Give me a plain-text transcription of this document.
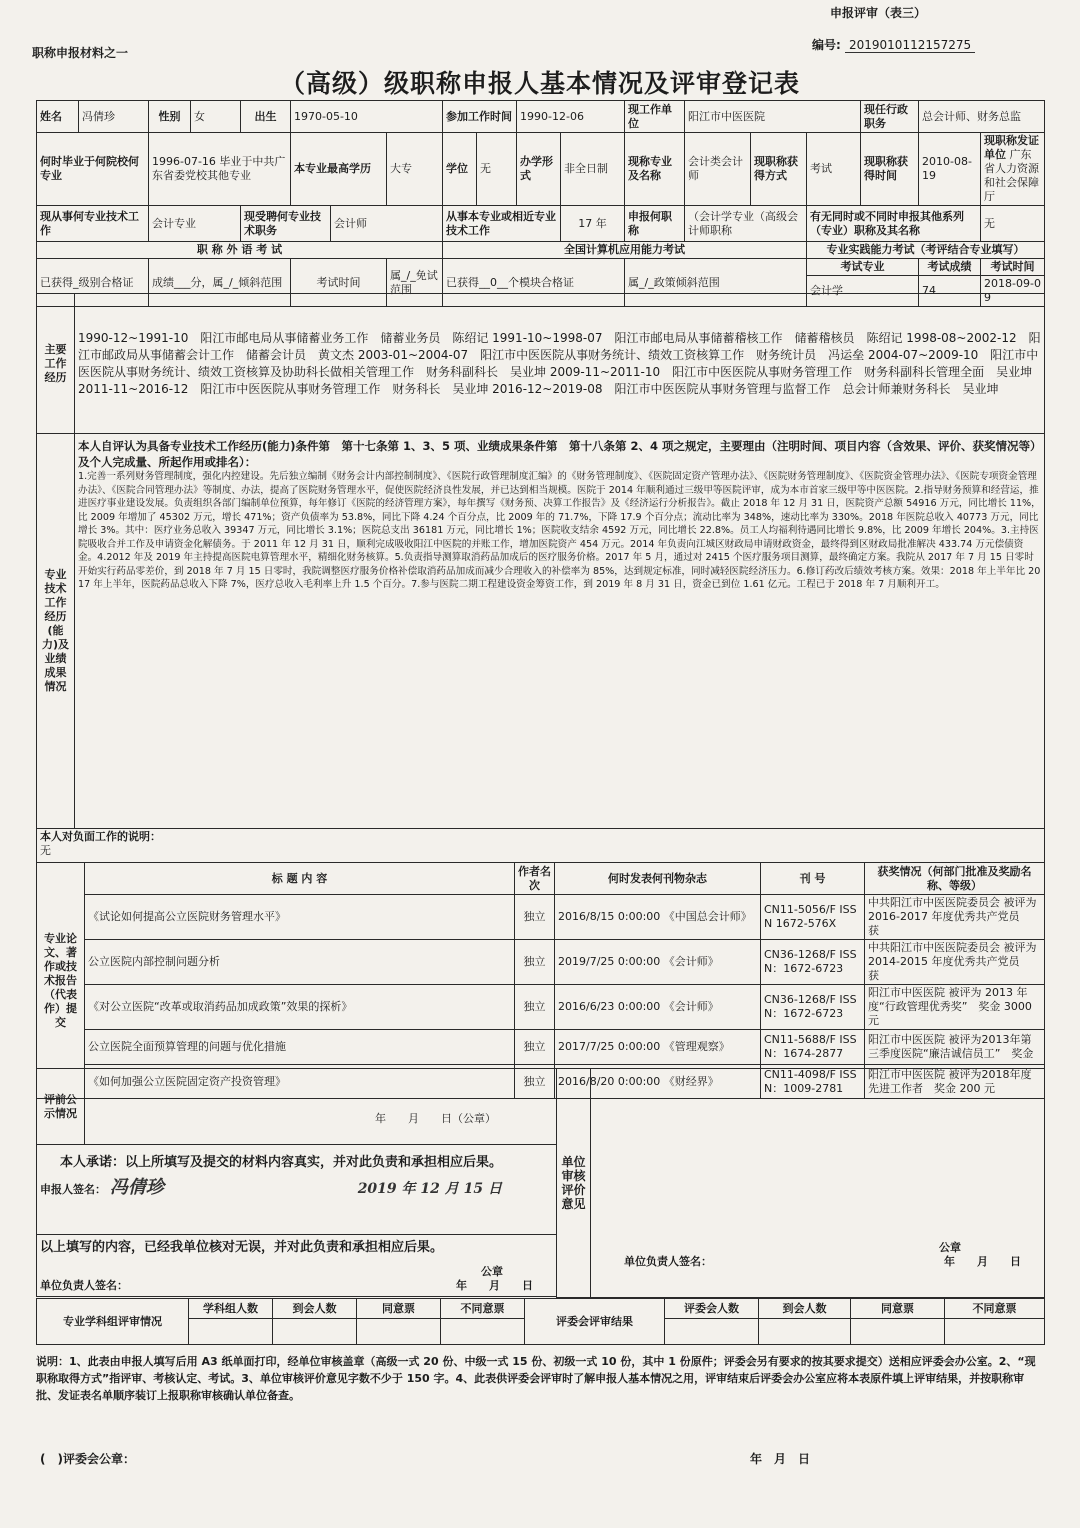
申报评审（表三）
职称申报材料之一
编号: 2019010112157275
（高级）级职称申报人基本情况及评审登记表
姓名	冯倩珍	性别	女	出生	1970-05-10			参加工作时间		1990-12-06		现工作单位	阳江市中医医院			现任行政职务	总会计师、财务总监	
何时毕业于何院校何专业		1996-07-16 毕业于中共广东省委党校其他专业			本专业最高学历		大专	学位	无	办学形式	非全日制	现称专业及名称	会计类会计师	现职称获得方式	考试	现职称获得时间	2010-08-19	现职称发证单位 广东省人力资源和社会保障厅
现从事何专业技术工作		会计专业		现受聘何专业技术职务		会计师		从事本专业或相近专业技术工作			17 年	申报何职称	（会计学专业（高级会计师职称		有无同时或不同时申报其他系列（专业）职称及其名称			无
职 称 外 语 考 试								全国计算机应用能力考试							专业实践能力考试（考评结合专业填写）			
已获得_级别合格证		成绩___分，属_/_倾斜范围			考试时间		属_/_免试范围	已获得__0__个模块合格证				属_/_政策倾斜范围			考试专业		考试成绩	考试时间
															会计学		74	2018-09-09
主要工作经历	1990-12~1991-10　阳江市邮电局从事储蓄业务工作　储蓄业务员　陈绍记 1991-10~1998-07　阳江市邮电局从事储蓄稽核工作　储蓄稽核员　陈绍记 1998-08~2002-12　阳江市邮政局从事储蓄会计工作　储蓄会计员　黄文杰 2003-01~2004-07　阳江市中医医院从事财务统计、绩效工资核算工作　财务统计员　冯运垒 2004-07~2009-10　阳江市中医医院从事财务统计、绩效工资核算及协助科长做相关管理工作　财务科副科长　吴业坤 2009-11~2011-10　阳江市中医医院从事财务管理工作　财务科副科长管理全面　吴业坤 2011-11~2016-12　阳江市中医医院从事财务管理工作　财务科长　吴业坤 2016-12~2019-08　阳江市中医医院从事财务管理与监督工作　总会计师兼财务科长　吴业坤
专业技术工作经历(能力)及业绩成果情况	本人自评认为具备专业技术工作经历(能力)条件第　第十七条第 1、3、5 项、业绩成果条件第　第十八条第 2、4 项之规定，主要理由（注明时间、项目内容（含效果、评价、获奖情况等）及个人完成量、所起作用或排名）：
1.完善一系列财务管理制度，强化内控建设。先后独立编制《财务会计内部控制制度》、《医院行政管理制度汇编》的《财务管理制度》、《医院固定资产管理办法》、《医院财务管理制度》、《医院资金管理办法》、《医院专项资金管理办法》、《医院合同管理办法》等制度、办法，提高了医院财务管理水平，促使医院经济良性发展，并已达到相当规模。医院于 2014 年顺利通过三级甲等医院评审，成为本市首家三级甲等中医医院。2.指导财务预算和经营运，推进医疗事业建设发展。负责组织各部门编制单位预算，每年修订《医院的经济管理方案》，每年撰写《财务预、决算工作报告》及《经济运行分析报告》。截止 2018 年 12 月 31 日，医院资产总额 54916 万元，同比增长 11%，比 2009 年增加了 45302 万元，增长 471%；资产负债率为 53.8%，同比下降 4.24 个百分点，比 2009 年的 71.7%，下降 17.9 个百分点；流动比率为 348%，速动比率为 330%。2018 年医院总收入 40773 万元，同比增长 3%。其中：医疗业务总收入 39347 万元，同比增长 3.1%；医院总支出 36181 万元，同比增长 1%；医院收支结余 4592 万元，同比增长 22.8%。员工人均福利待遇同比增长 9.8%，比 2009 年增长 204%。3.主持医院吸收合并工作及申请资金化解债务。于 2011 年 12 月 31 日，顺利完成吸收阳江中医院的并账工作，增加医院资产 454 万元。2014 年负责向江城区财政局申请财政资金，最终得到区财政局批准解决 433.74 万元偿债资金。4.2012 年及 2019 年主持提高医院电算管理水平，精细化财务核算。5.负责指导测算取消药品加成后的医疗服务价格。2017 年 5 月，通过对 2415 个医疗服务项目测算，最终确定方案。我院从 2017 年 7 月 15 日零时开始实行药品零差价，到 2018 年 7 月 15 日零时，我院调整医疗服务价格补偿取消药品加成而减少合理收入的补偿率为 85%，达到规定标准，同时减轻医院经济压力。6.修订药改后绩效考核方案。效果：2018 年上半年比 2017 年上半年，医院药品总收入下降 7%，医疗总收入毛利率上升 1.5 个百分。7.参与医院二期工程建设资金筹资工作，到 2019 年 8 月 31 日，资金已到位 1.61 亿元。工程已于 2018 年 7 月顺利开工。

本人对负面工作的说明：
无	
专业论文、著作或技术报告（代表作）提交	标 题 内 容	作者名次	何时发表何刊物杂志	刊 号	获奖情况（何部门批准及奖励名称、等级）
	《试论如何提高公立医院财务管理水平》	独立	2016/8/15 0:00:00 《中国总会计师》	CN11-5056/F ISSN 1672-576X	中共阳江市中医医院委员会 被评为2016-2017 年度优秀共产党员　获
	公立医院内部控制问题分析	独立	2019/7/25 0:00:00 《会计师》	CN36-1268/F ISSN：1672-6723	中共阳江市中医医院委员会 被评为2014-2015 年度优秀共产党员　获
	《对公立医院“改革或取消药品加成政策”效果的探析》	独立	2016/6/23 0:00:00 《会计师》	CN36-1268/F ISSN：1672-6723	阳江市中医医院 被评为 2013 年度“行政管理优秀奖”　奖金 3000 元
	公立医院全面预算管理的问题与优化措施	独立	2017/7/25 0:00:00 《管理观察》	CN11-5688/F ISSN：1674-2877	阳江市中医医院 被评为2013年第三季度医院“廉洁诚信员工”　奖金
	《如何加强公立医院固定资产投资管理》	独立	2016/8/20 0:00:00 《财经界》	CN11-4098/F ISSN：1009-2781	阳江市中医医院 被评为2018年度先进工作者　奖金 200 元
评前公示情况	年　　月　　日（公章）	单位审核评价意见	
公章
单位负责人签名：	年　　月　　日

本人承诺：以上所填写及提交的材料内容真实，并对此负责和承担相应后果。
申报人签名： 冯倩珍	2019 年 12 月 15 日

以上填写的内容，已经我单位核对无误，并对此负责和承担相应后果。
公章
单位负责人签名：	年　　月　　日

专业学科组评审情况	学科组人数	到会人数	同意票	不同意票	评委会评审结果	评委会人数	到会人数	同意票	不同意票

说明：1、此表由申报人填写后用 A3 纸单面打印，经单位审核盖章（高级一式 20 份、中级一式 15 份、初级一式 10 份，其中 1 份原件；评委会另有要求的按其要求提交）送相应评委会办公室。2、“现职称取得方式”指评审、考核认定、考试。3、单位审核评价意见字数不少于 150 字。4、此表供评委会评审时了解申报人基本情况之用，评审结束后评委会办公室应将本表原件填上评审结果，并按职称审批、发证表名单顺序装订上报职称审核确认单位备查。
(　)评委会公章：	年　月　日
